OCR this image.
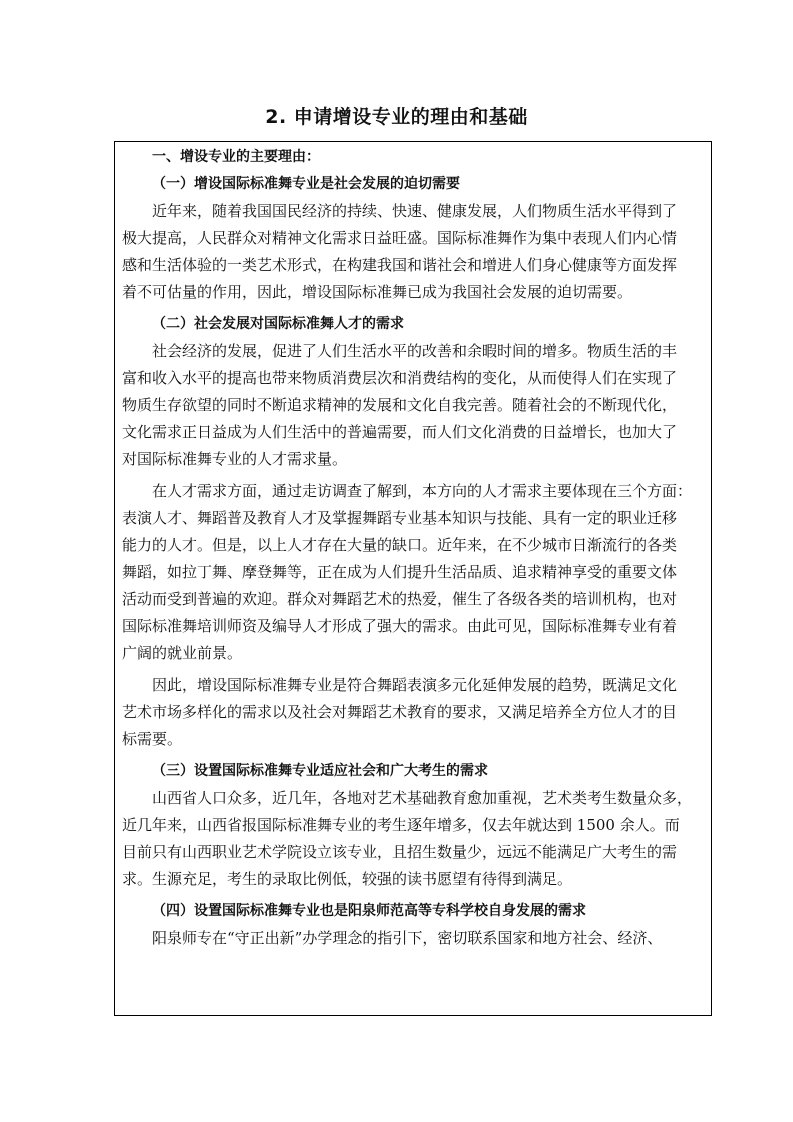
2. 申请增设专业的理由和基础
一、增设专业的主要理由：
（一）增设国际标准舞专业是社会发展的迫切需要
近年来，随着我国国民经济的持续、快速、健康发展，人们物质生活水平得到了
极大提高，人民群众对精神文化需求日益旺盛。国际标准舞作为集中表现人们内心情
感和生活体验的一类艺术形式，在构建我国和谐社会和增进人们身心健康等方面发挥
着不可估量的作用，因此，增设国际标准舞已成为我国社会发展的迫切需要。
（二）社会发展对国际标准舞人才的需求
社会经济的发展，促进了人们生活水平的改善和余暇时间的增多。物质生活的丰
富和收入水平的提高也带来物质消费层次和消费结构的变化，从而使得人们在实现了
物质生存欲望的同时不断追求精神的发展和文化自我完善。随着社会的不断现代化，
文化需求正日益成为人们生活中的普遍需要，而人们文化消费的日益增长，也加大了
对国际标准舞专业的人才需求量。
在人才需求方面，通过走访调查了解到，本方向的人才需求主要体现在三个方面：
表演人才、舞蹈普及教育人才及掌握舞蹈专业基本知识与技能、具有一定的职业迁移
能力的人才。但是，以上人才存在大量的缺口。近年来，在不少城市日渐流行的各类
舞蹈，如拉丁舞、摩登舞等，正在成为人们提升生活品质、追求精神享受的重要文体
活动而受到普遍的欢迎。群众对舞蹈艺术的热爱，催生了各级各类的培训机构，也对
国际标准舞培训师资及编导人才形成了强大的需求。由此可见，国际标准舞专业有着
广阔的就业前景。
因此，增设国际标准舞专业是符合舞蹈表演多元化延伸发展的趋势，既满足文化
艺术市场多样化的需求以及社会对舞蹈艺术教育的要求，又满足培养全方位人才的目
标需要。
（三）设置国际标准舞专业适应社会和广大考生的需求
山西省人口众多，近几年，各地对艺术基础教育愈加重视，艺术类考生数量众多，
近几年来，山西省报国际标准舞专业的考生逐年增多，仅去年就达到 1500 余人。而
目前只有山西职业艺术学院设立该专业，且招生数量少，远远不能满足广大考生的需
求。生源充足，考生的录取比例低，较强的读书愿望有待得到满足。
（四）设置国际标准舞专业也是阳泉师范高等专科学校自身发展的需求
阳泉师专在“守正出新”办学理念的指引下，密切联系国家和地方社会、经济、
